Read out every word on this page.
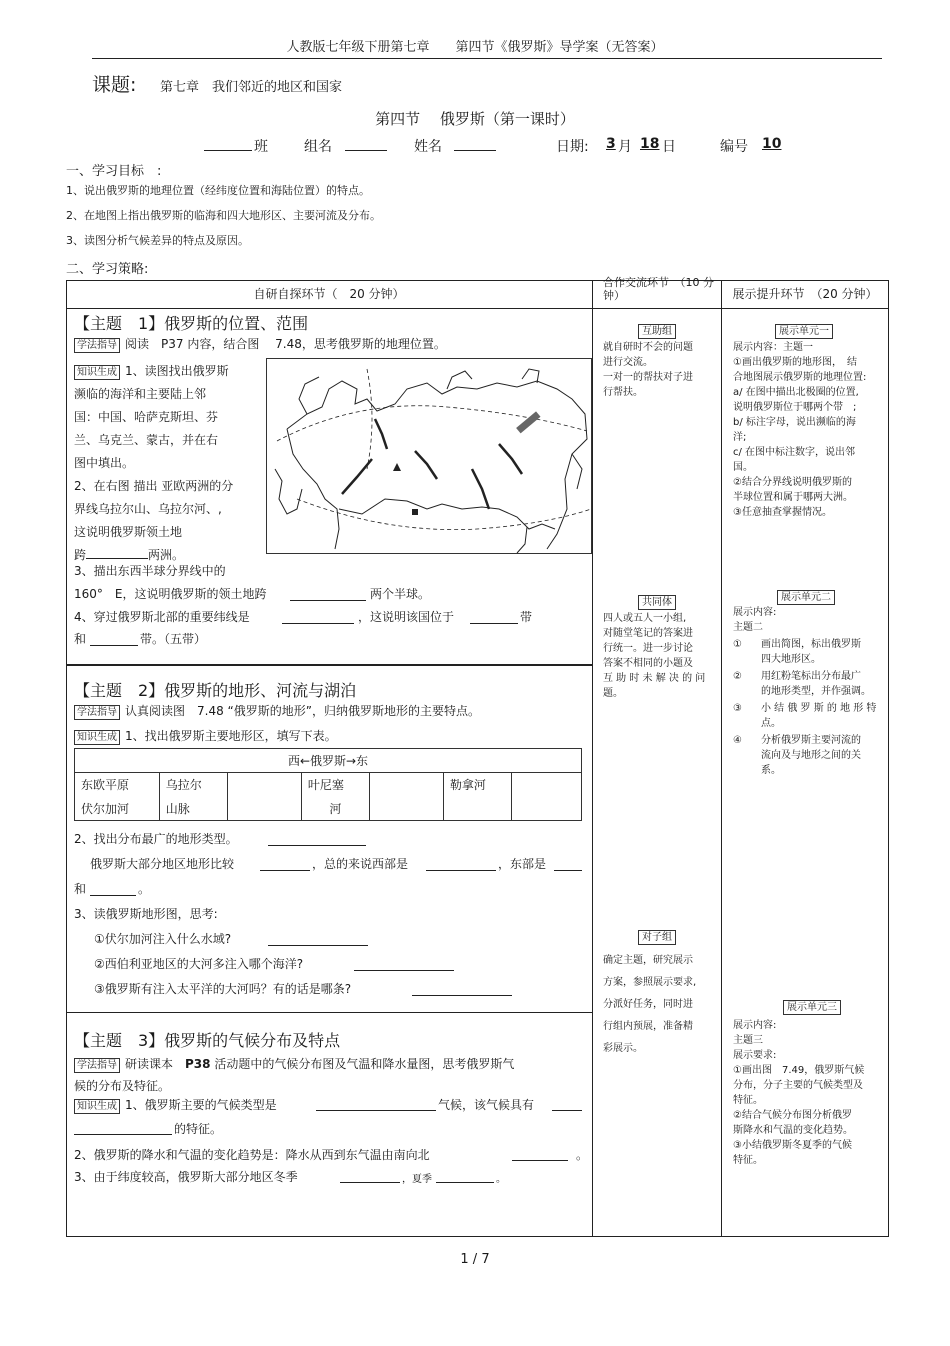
人教版七年级下册第七章　　第四节《俄罗斯》导学案（无答案）
课题: 第七章　我们邻近的地区和国家
第四节　 俄罗斯（第一课时）
班	组名	姓名	日期: 3 月 18 日	编号	10
一、学习目标　:
1、说出俄罗斯的地理位置（经纬度位置和海陆位置）的特点。
2、在地图上指出俄罗斯的临海和四大地形区、主要河流及分布。
3、读图分析气候差异的特点及原因。
二、学习策略:
自研自探环节（　20 分钟）
合作交流环节　（10 分钟）	展示提升环节　（20 分钟）
【主题　1】俄罗斯的位置、范围
学法指导 阅读　P37 内容，结合图　 7.48，思考俄罗斯的地理位置。
知识生成 1、读图找出俄罗斯
濒临的海洋和主要陆上邻
国：中国、哈萨克斯坦、芬
兰、乌克兰、蒙古，并在右
图中填出。
2、在右图 描出 亚欧两洲的分
界线乌拉尔山、乌拉尔河、,
这说明俄罗斯领土地
跨	两洲。
3、描出东西半球分界线中的
160°　E，这说明俄罗斯的领土地跨	两个半球。
4、穿过俄罗斯北部的重要纬线是	，这说明该国位于	带
和	带。（五带）
【主题　2】俄罗斯的地形、河流与湖泊
学法指导 认真阅读图　7.48 “俄罗斯的地形”，归纳俄罗斯地形的主要特点。
知识生成 1、找出俄罗斯主要地形区，填写下表。
西←俄罗斯→东						
东欧平原	乌拉尔		叶尼塞		勒拿河	
伏尔加河	山脉		河			
2、找出分布最广的地形类型。
俄罗斯大部分地区地形比较	，总的来说西部是	，东部是
和	。
3、读俄罗斯地形图，思考:
①伏尔加河注入什么水域?
②西伯利亚地区的大河多注入哪个海洋?
③俄罗斯有注入太平洋的大河吗？有的话是哪条?
【主题　3】俄罗斯的气候分布及特点
学法指导 研读课本　P38 活动题中的气候分布图及气温和降水量图，思考俄罗斯气
候的分布及特征。
知识生成 1、俄罗斯主要的气候类型是	气候，该气候具有
的特征。
2、俄罗斯的降水和气温的变化趋势是：降水从西到东气温由南向北	。
3、由于纬度较高，俄罗斯大部分地区冬季	，夏季	。
互助组
就自研时不会的问题
进行交流。
一对一的帮扶对子进
行帮扶。
共同体
四人或五人一小组,
对随堂笔记的答案进
行统一。进一步讨论
答案不相同的小题及
互 助 时 未 解 决 的 问
题。
对子组
确定主题，研究展示
方案，参照展示要求,
分派好任务，同时进
行组内预展，准备精
彩展示。
展示单元一
展示内容：主题一
①画出俄罗斯的地形图，　结
合地图展示俄罗斯的地理位置:
a/ 在图中描出北极圈的位置,
说明俄罗斯位于哪两个带　;
b/ 标注字母，说出濒临的海
洋;
c/ 在图中标注数字，说出邻
国。
②结合分界线说明俄罗斯的
半球位置和属于哪两大洲。
③任意抽查掌握情况。
展示单元二
展示内容:
主题二
① 画出简图，标出俄罗斯
四大地形区。
② 用红粉笔标出分布最广
的地形类型，并作强调。
③ 小 结 俄 罗 斯 的 地 形 特
点。
④ 分析俄罗斯主要河流的
流向及与地形之间的关
系。
展示单元三
展示内容:
主题三
展示要求:
①画出图　7.49，俄罗斯气候
分布，分子主要的气候类型及
特征。
②结合气候分布图分析俄罗
斯降水和气温的变化趋势。
③小结俄罗斯冬夏季的气候
特征。
1 / 7
